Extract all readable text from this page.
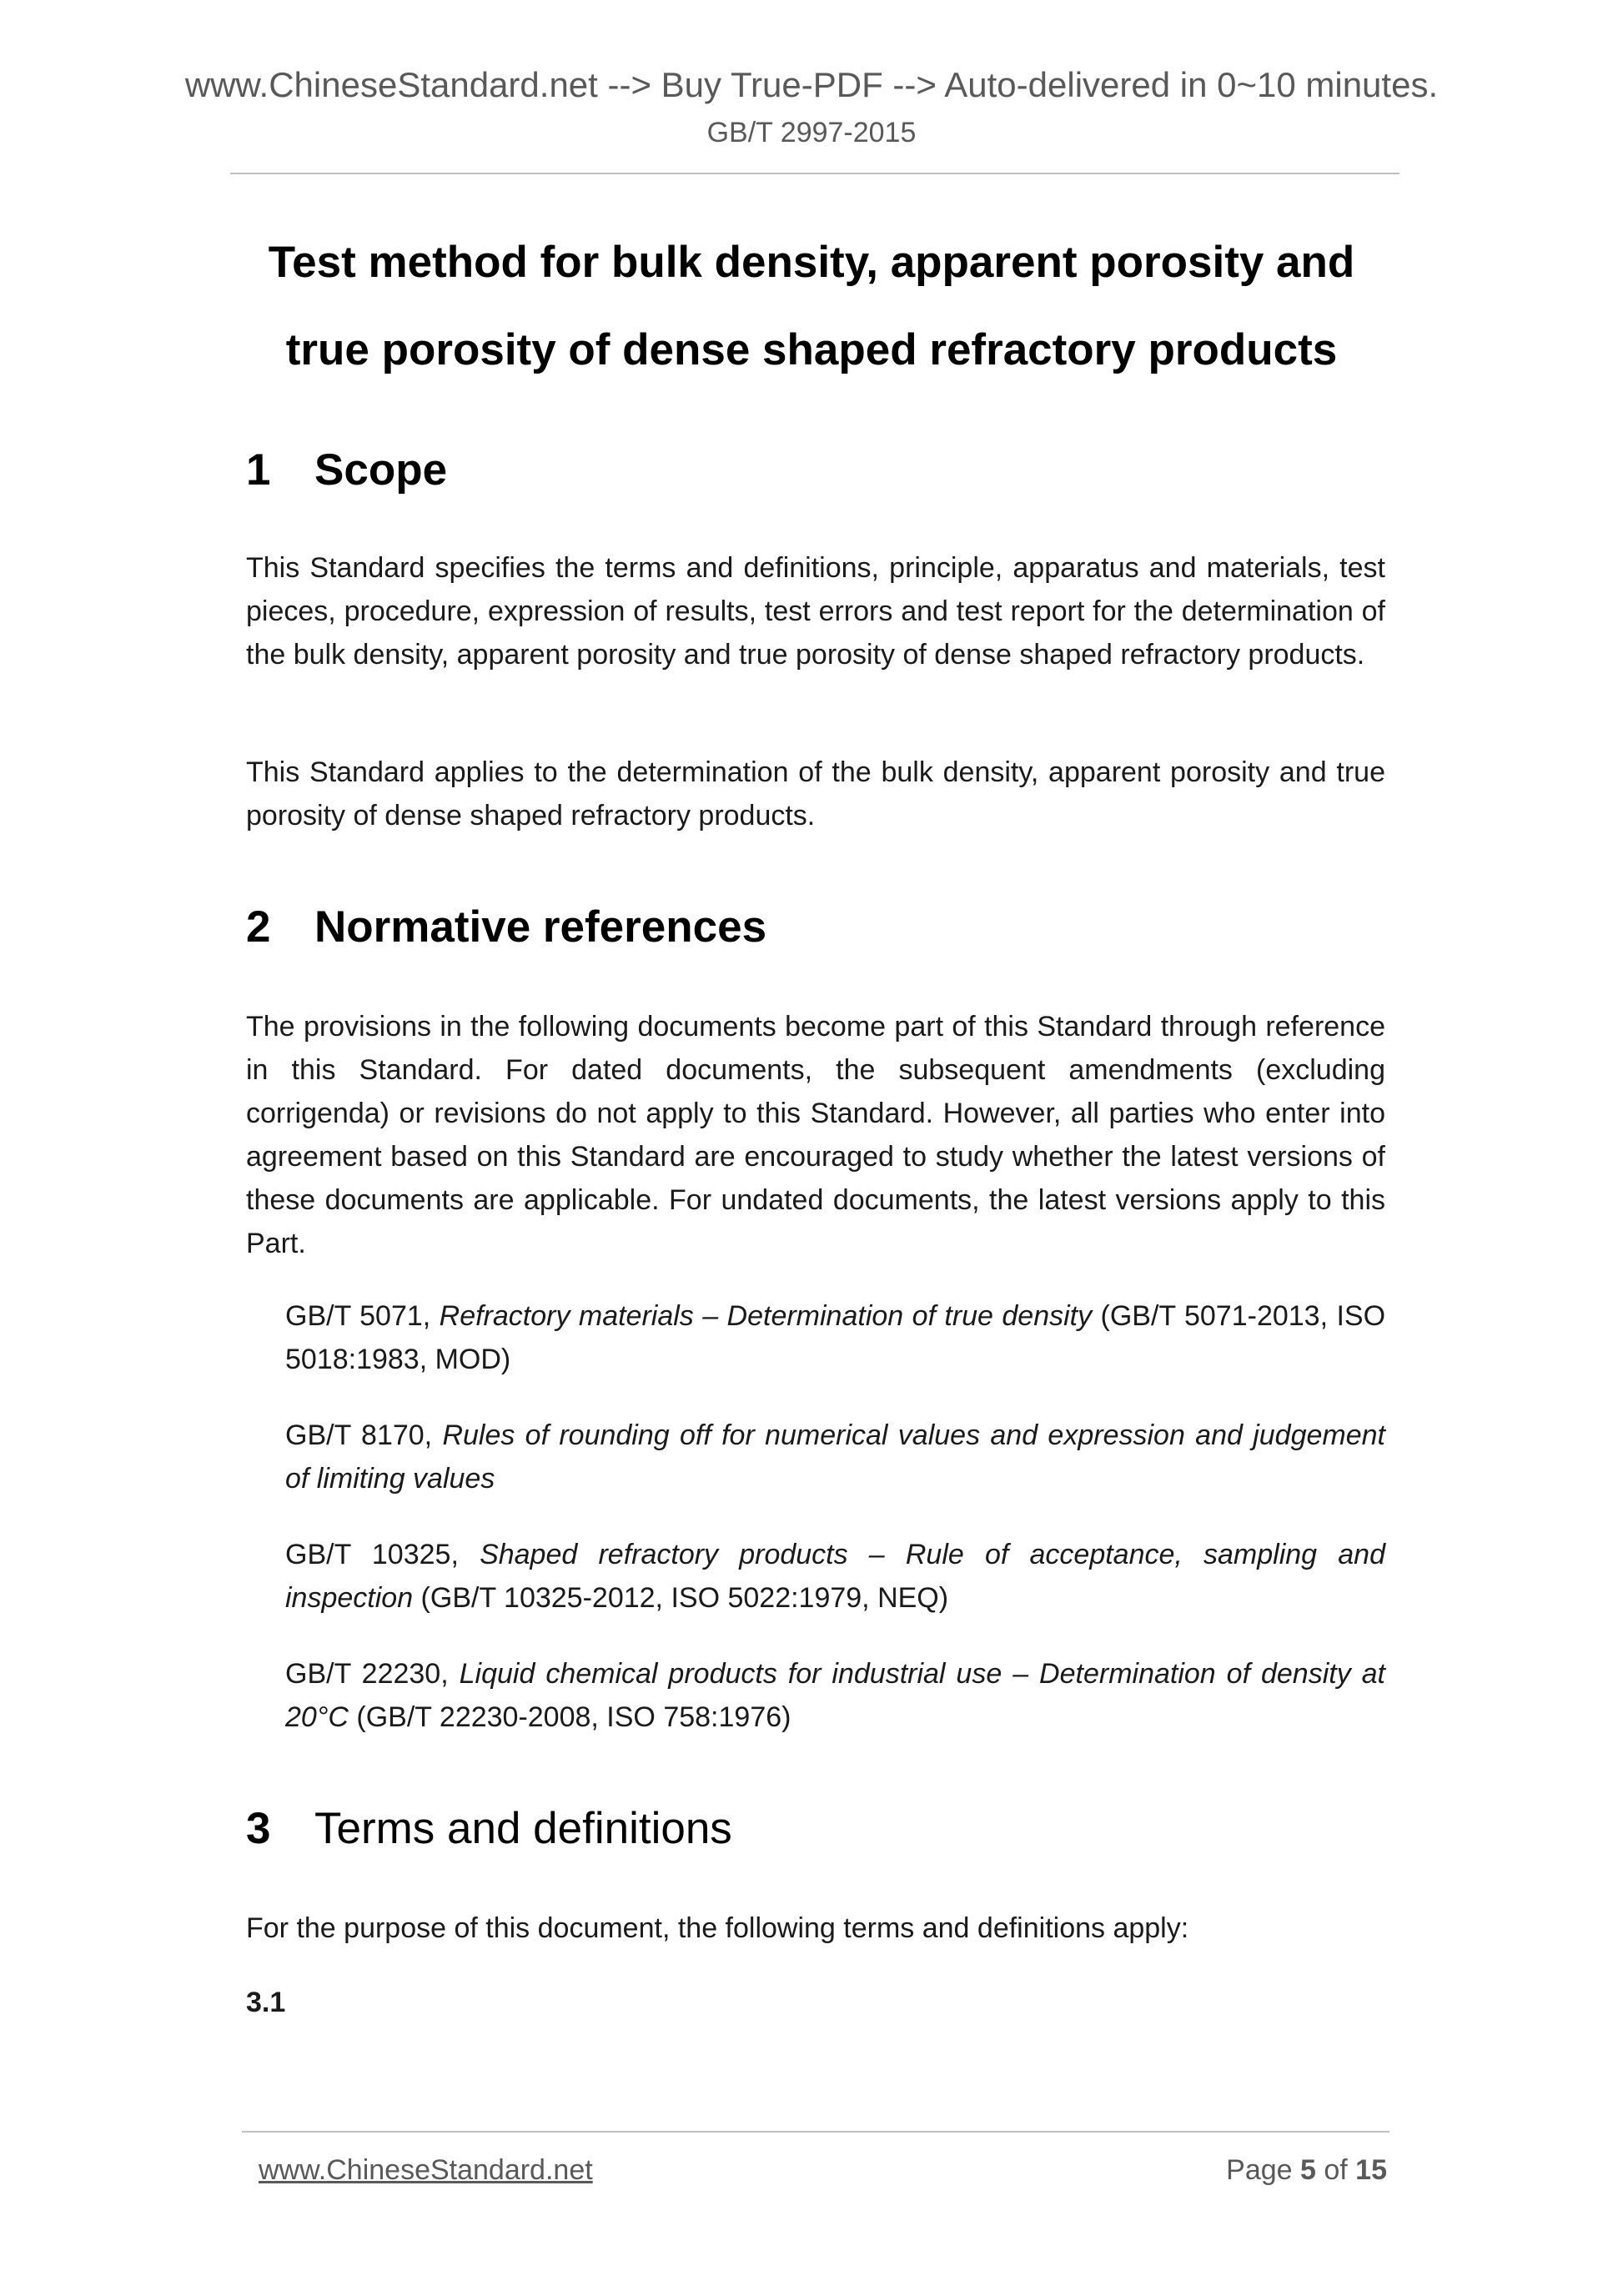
www.ChineseStandard.net --> Buy True-PDF --> Auto-delivered in 0~10 minutes.
GB/T 2997-2015
Test method for bulk density, apparent porosity and
true porosity of dense shaped refractory products
1 Scope
This Standard specifies the terms and definitions, principle, apparatus and materials, test pieces, procedure, expression of results, test errors and test report for the determination of the bulk density, apparent porosity and true porosity of dense shaped refractory products.
This Standard applies to the determination of the bulk density, apparent porosity and true porosity of dense shaped refractory products.
2 Normative references
The provisions in the following documents become part of this Standard through reference in this Standard. For dated documents, the subsequent amendments (excluding corrigenda) or revisions do not apply to this Standard. However, all parties who enter into agreement based on this Standard are encouraged to study whether the latest versions of these documents are applicable. For undated documents, the latest versions apply to this Part.
GB/T 5071, Refractory materials – Determination of true density (GB/T 5071-2013, ISO 5018:1983, MOD)
GB/T 8170, Rules of rounding off for numerical values and expression and judgement of limiting values
GB/T 10325, Shaped refractory products – Rule of acceptance, sampling and inspection (GB/T 10325-2012, ISO 5022:1979, NEQ)
GB/T 22230, Liquid chemical products for industrial use – Determination of density at 20°C (GB/T 22230-2008, ISO 758:1976)
3 Terms and definitions
For the purpose of this document, the following terms and definitions apply:
3.1
www.ChineseStandard.net	Page 5 of 15
